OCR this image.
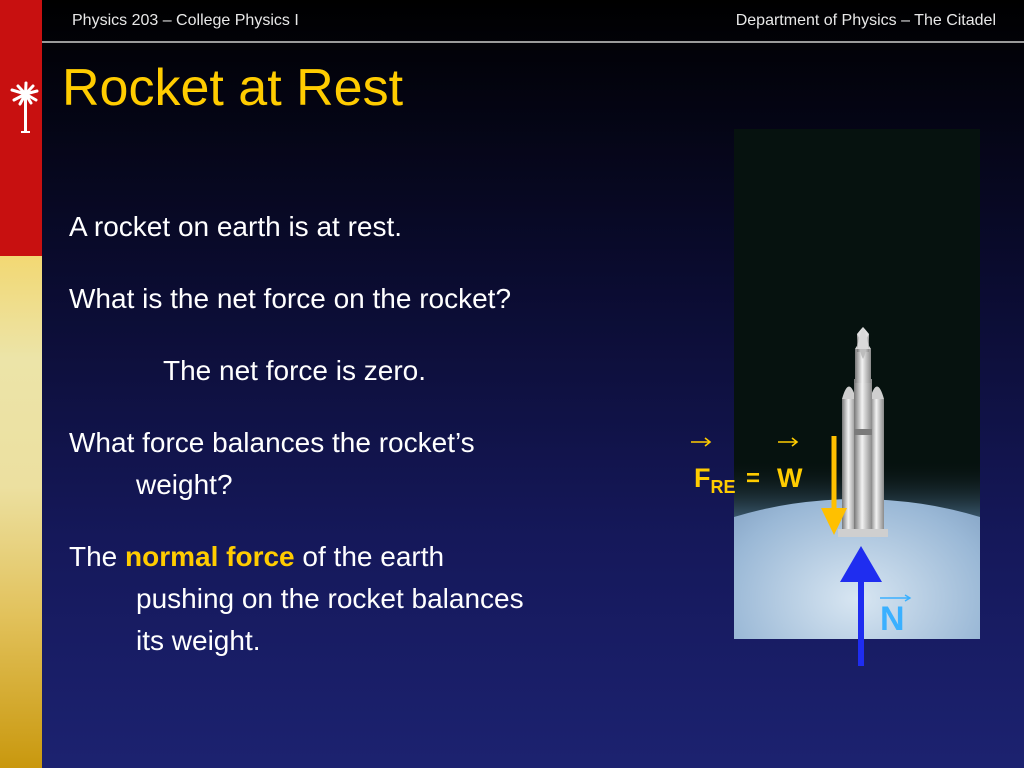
Physics 203 – College Physics I	Department of Physics – The Citadel
Rocket at Rest
A rocket on earth is at rest.
What is the net force on the rocket?
The net force is zero.
What force balances the rocket’s
weight?
The normal force of the earth
pushing on the rocket balances
its weight.
$F_{RE} = W$
N
